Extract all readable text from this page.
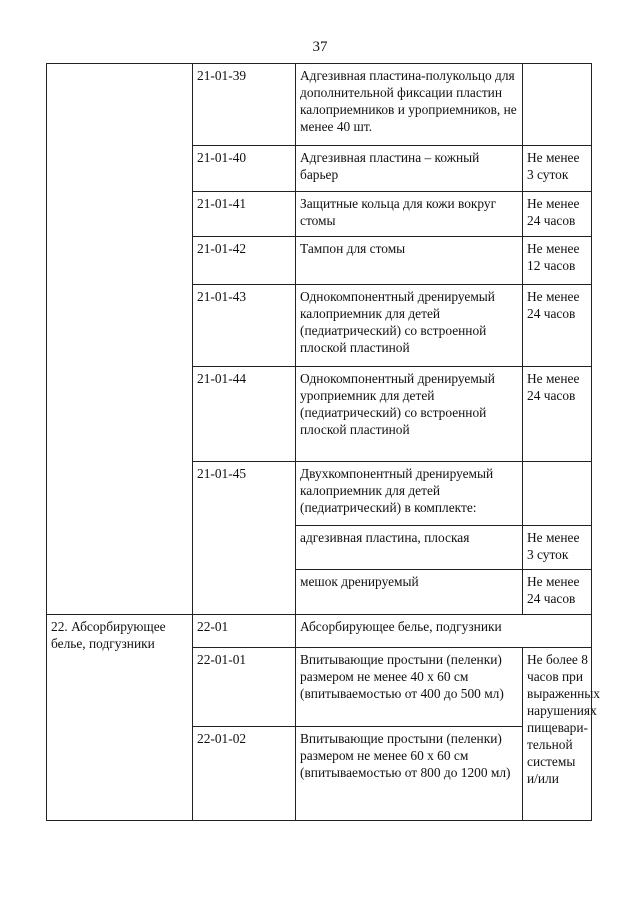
37

	21-01-39	Адгезивная пластина-полукольцо для дополнительной фиксации пластин калоприемников и уроприемников, не менее 40 шт.	

	21-01-40	Адгезивная пластина – кожный барьер	Не менее 3 суток

	21-01-41	Защитные кольца для кожи вокруг стомы	Не менее 24 часов

	21-01-42	Тампон для стомы	Не менее 12 часов

	21-01-43	Однокомпонентный дренируемый калоприемник для детей (педиатрический) со встроенной плоской пластиной	Не менее 24 часов

	21-01-44	Однокомпонентный дренируемый уроприемник для детей (педиатрический) со встроенной плоской пластиной	Не менее 24 часов

	21-01-45	Двухкомпонентный дренируемый калоприемник для детей (педиатрический) в комплекте:	

		адгезивная пластина, плоская	Не менее 3 суток

		мешок дренируемый	Не менее 24 часов

22. Абсорбирующее белье, подгузники	22-01	Абсорбирующее белье, подгузники	

	22-01-01	Впитывающие простыни (пеленки) размером не менее 40 х 60 см (впитываемостью от 400 до 500 мл)	Не более 8 часов при выраженных нарушениях пищевари-тельной системы и/или

	22-01-02	Впитывающие простыни (пеленки) размером не менее 60 х 60 см (впитываемостью от 800 до 1200 мл)	
